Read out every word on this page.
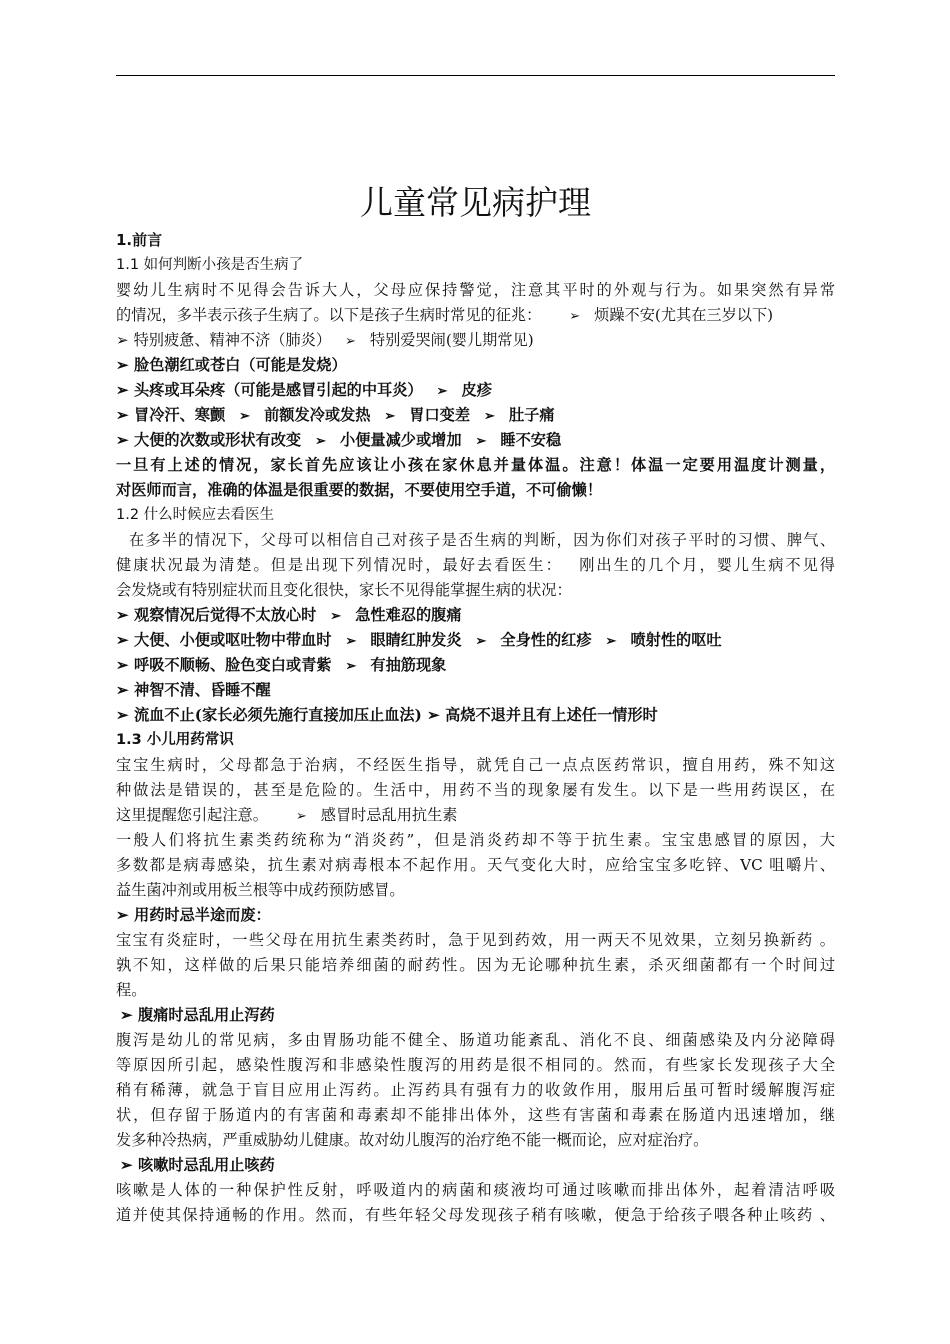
儿童常见病护理
1.前言
1.1 如何判断小孩是否生病了
婴幼儿生病时不见得会告诉大人，父母应保持警觉，注意其平时的外观与行为。如果突然有异常
的情况，多半表示孩子生病了。以下是孩子生病时常见的征兆： ➢ 烦躁不安(尤其在三岁以下)
➢ 特别疲惫、精神不济（肺炎） ➢ 特别爱哭闹(婴儿期常见)
➢ 脸色潮红或苍白（可能是发烧）
➢ 头疼或耳朵疼（可能是感冒引起的中耳炎） ➢ 皮疹
➢ 冒冷汗、寒颤 ➢ 前额发冷或发热 ➢ 胃口变差 ➢ 肚子痛
➢ 大便的次数或形状有改变 ➢ 小便量减少或增加 ➢ 睡不安稳
一旦有上述的情况，家长首先应该让小孩在家休息并量体温。注意！体温一定要用温度计测量，
对医师而言，准确的体温是很重要的数据，不要使用空手道，不可偷懒！
1.2 什么时候应去看医生
在多半的情况下，父母可以相信自己对孩子是否生病的判断，因为你们对孩子平时的习惯、脾气、
健康状况最为清楚。但是出现下列情况时，最好去看医生：　 刚出生的几个月，婴儿生病不见得
会发烧或有特别症状而且变化很快，家长不见得能掌握生病的状况：
➢ 观察情况后觉得不太放心时 ➢ 急性难忍的腹痛
➢ 大便、小便或呕吐物中带血时 ➢ 眼睛红肿发炎 ➢ 全身性的红疹 ➢ 喷射性的呕吐
➢ 呼吸不顺畅、脸色变白或青紫 ➢ 有抽筋现象
➢ 神智不清、昏睡不醒
➢ 流血不止(家长必须先施行直接加压止血法) ➢ 高烧不退并且有上述任一情形时
1.3 小儿用药常识
宝宝生病时，父母都急于治病，不经医生指导，就凭自己一点点医药常识，擅自用药，殊不知这
种做法是错误的，甚至是危险的。生活中，用药不当的现象屡有发生。以下是一些用药误区，在
这里提醒您引起注意。 ➢ 感冒时忌乱用抗生素
一般人们将抗生素类药统称为“消炎药”，但是消炎药却不等于抗生素。宝宝患感冒的原因，大
多数都是病毒感染，抗生素对病毒根本不起作用。天气变化大时，应给宝宝多吃锌、VC 咀嚼片、
益生菌冲剂或用板兰根等中成药预防感冒。
➢ 用药时忌半途而废：
宝宝有炎症时，一些父母在用抗生素类药时，急于见到药效，用一两天不见效果，立刻另换新药 。
孰不知，这样做的后果只能培养细菌的耐药性。因为无论哪种抗生素，杀灭细菌都有一个时间过
程。
➢ 腹痛时忌乱用止泻药
腹泻是幼儿的常见病，多由胃肠功能不健全、肠道功能紊乱、消化不良、细菌感染及内分泌障碍
等原因所引起，感染性腹泻和非感染性腹泻的用药是很不相同的。然而，有些家长发现孩子大全
稍有稀薄，就急于盲目应用止泻药。止泻药具有强有力的收敛作用，服用后虽可暂时缓解腹泻症
状，但存留于肠道内的有害菌和毒素却不能排出体外，这些有害菌和毒素在肠道内迅速增加，继
发多种冷热病，严重威胁幼儿健康。故对幼儿腹泻的治疗绝不能一概而论，应对症治疗。
➢ 咳嗽时忌乱用止咳药
咳嗽是人体的一种保护性反射，呼吸道内的病菌和痰液均可通过咳嗽而排出体外，起着清洁呼吸
道并使其保持通畅的作用。然而，有些年轻父母发现孩子稍有咳嗽，便急于给孩子喂各种止咳药 、
